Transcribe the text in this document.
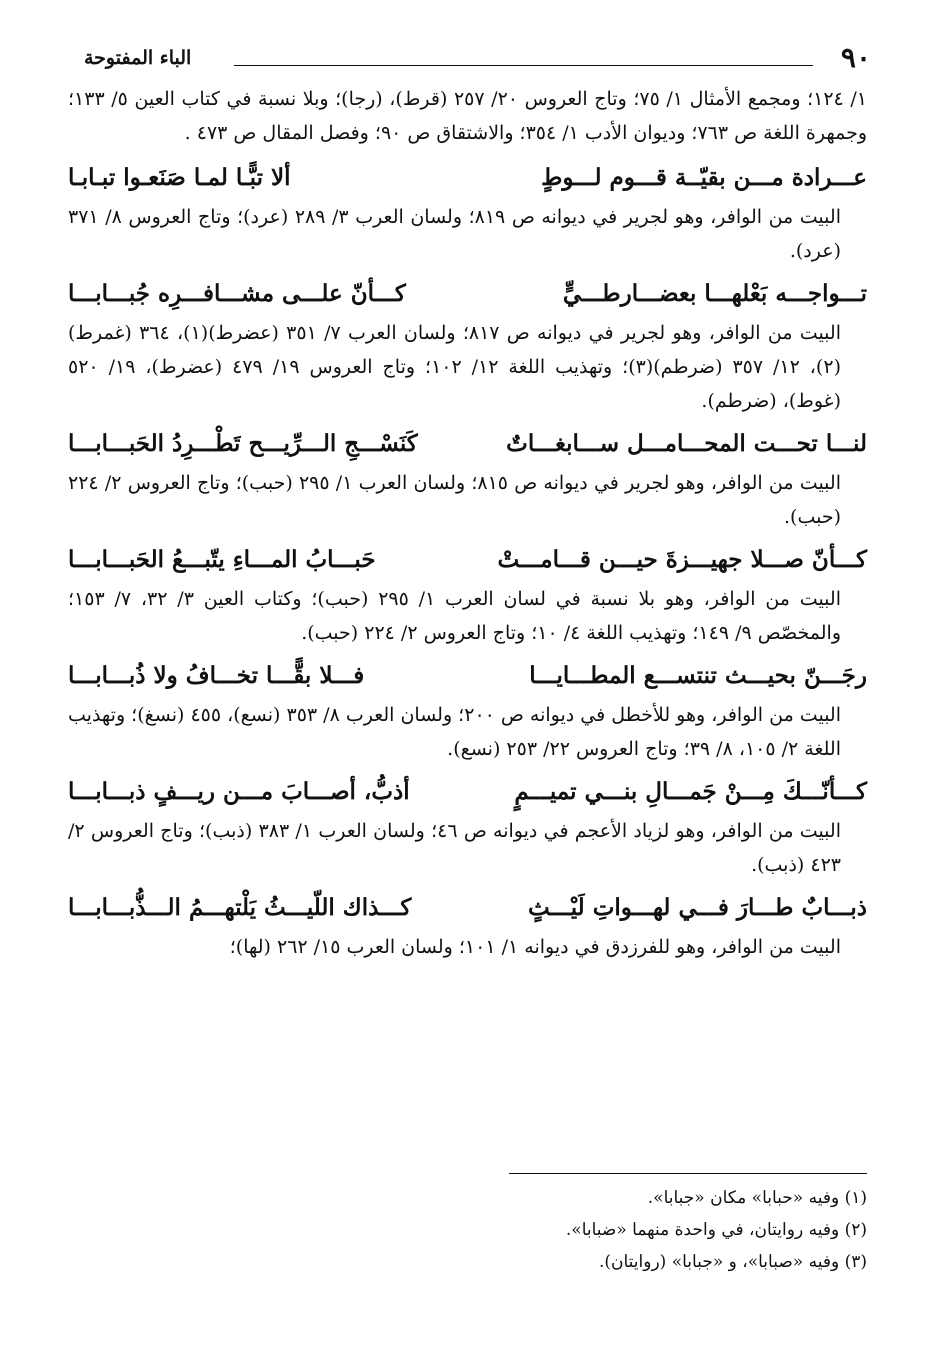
٩٠
الباء المفتوحة

١/ ١٢٤؛ ومجمع الأمثال ١/ ٧٥؛ وتاج العروس ٢٠/ ٢٥٧ (قرط)، (رجا)؛ وبلا نسبة في كتاب العين ٥/ ١٣٣؛ وجمهرة اللغة ص ٧٦٣؛ وديوان الأدب ١/ ٣٥٤؛ والاشتقاق ص ٩٠؛ وفصل المقال ص ٤٧٣ .

عـــرادة مـــن بقيّــة قـــوم لـــوطٍ
ألا تبًّـا لمـا صَنَعـوا تبـابـا

البيت من الوافر، وهو لجرير في ديوانه ص ٨١٩؛ ولسان العرب ٣/ ٢٨٩ (عرد)؛ وتاج العروس ٨/ ٣٧١ (عرد).

تـــواجـــه بَعْلهـــا بعضـــارطـــيٍّ
كـــأنّ علـــى مشـــافـــرِه جُبـــابـــا

البيت من الوافر، وهو لجرير في ديوانه ص ٨١٧؛ ولسان العرب ٧/ ٣٥١ (عضرط)(١)، ٣٦٤ (غمرط)(٢)، ١٢/ ٣٥٧ (ضرطم)(٣)؛ وتهذيب اللغة ١٢/ ١٠٢؛ وتاج العروس ١٩/ ٤٧٩ (عضرط)، ١٩/ ٥٢٠ (غوط)، (ضرطم).

لنـــا تحـــت المحـــامـــل ســـابغـــاتٌ
كَنَسْـــجِ الـــرِّيـــح تَطْـــرِدُ الحَبـــابـــا

البيت من الوافر، وهو لجرير في ديوانه ص ٨١٥؛ ولسان العرب ١/ ٢٩٥ (حبب)؛ وتاج العروس ٢/ ٢٢٤ (حبب).

كـــأنّ صـــلا جهيـــزةَ حيـــن قـــامـــتْ
حَبـــابُ المـــاءِ يتّبـــعُ الحَبـــابـــا

البيت من الوافر، وهو بلا نسبة في لسان العرب ١/ ٢٩٥ (حبب)؛ وكتاب العين ٣/ ٣٢، ٧/ ١٥٣؛ والمخصّص ٩/ ١٤٩؛ وتهذيب اللغة ٤/ ١٠؛ وتاج العروس ٢/ ٢٢٤ (حبب).

رجَـــنّ بحيـــث تنتســـع المطـــايـــا
فـــلا بقًّـــا تخـــافُ ولا ذُبـــابـــا

البيت من الوافر، وهو للأخطل في ديوانه ص ٢٠٠؛ ولسان العرب ٨/ ٣٥٣ (نسع)، ٤٥٥ (نسغ)؛ وتهذيب اللغة ٢/ ١٠٥، ٨/ ٣٩؛ وتاج العروس ٢٢/ ٢٥٣ (نسع).

كـــأنّـــكَ مِـــنْ جَمـــالِ بنـــي تميـــمٍ
أذبُّ، أصـــابَ مـــن ريـــفٍ ذبـــابـــا

البيت من الوافر، وهو لزياد الأعجم في ديوانه ص ٤٦؛ ولسان العرب ١/ ٣٨٣ (ذبب)؛ وتاج العروس ٢/ ٤٢٣ (ذبب).

ذبـــابٌ طـــارَ فـــي لهـــواتِ لَيْـــثٍ
كـــذاك اللّيـــثُ يَلْتهـــمُ الـــذُّبـــابـــا

البيت من الوافر، وهو للفرزدق في ديوانه ١/ ١٠١؛ ولسان العرب ١٥/ ٢٦٢ (لها)؛

(١) وفيه «حبابا» مكان «جبابا».

(٢) وفيه روايتان، في واحدة منهما «ضبابا».

(٣) وفيه «صبابا»، و «جبابا» (روايتان).
